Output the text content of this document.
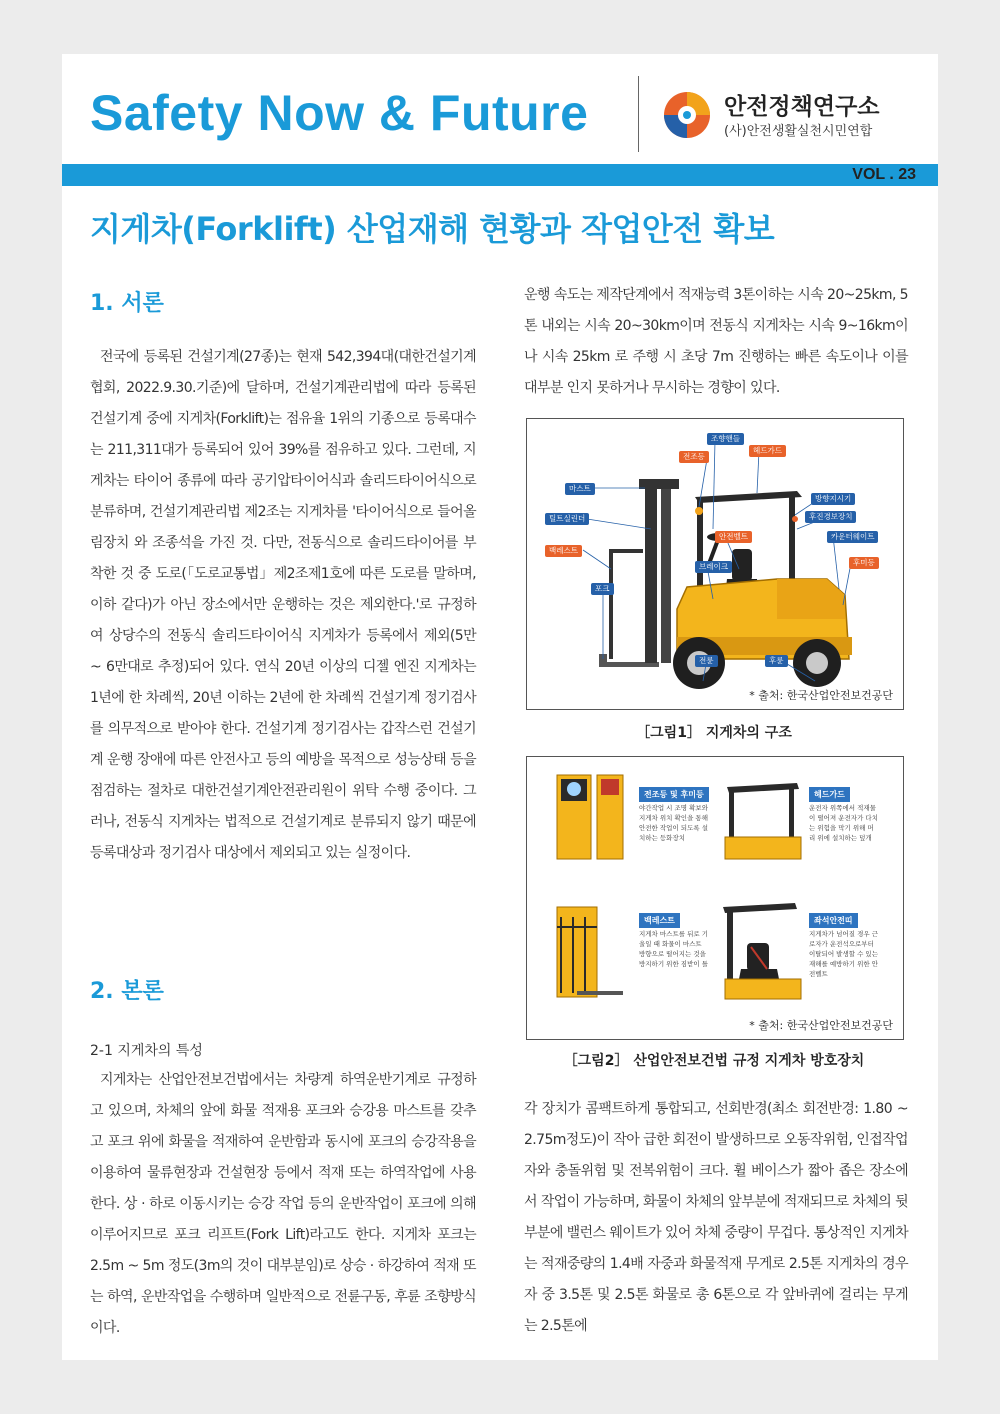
Safety Now & Future	안전정책연구소
(사)안전생활실천시민연합
VOL . 23
지게차(Forklift) 산업재해 현황과 작업안전 확보
1. 서론

전국에 등록된 건설기계(27종)는 현재 542,394대(대한건설기계협회, 2022.9.30.기준)에 달하며, 건설기계관리법에 따라 등록된 건설기계 중에 지게차(Forklift)는 점유율 1위의 기종으로 등록대수는 211,311대가 등록되어 있어 39%를 점유하고 있다. 그런데, 지게차는 타이어 종류에 따라 공기압타이어식과 솔리드타이어식으로 분류하며, 건설기계관리법 제2조는 지게차를 '타이어식으로 들어올림장치 와 조종석을 가진 것. 다만, 전동식으로 솔리드타이어를 부착한 것 중 도로(「도로교통법」제2조제1호에 따른 도로를 말하며, 이하 같다)가 아닌 장소에서만 운행하는 것은 제외한다.'로 규정하여 상당수의 전동식 솔리드타이어식 지게차가 등록에서 제외(5만 ~ 6만대로 추정)되어 있다. 연식 20년 이상의 디젤 엔진 지게차는 1년에 한 차례씩, 20년 이하는 2년에 한 차례씩 건설기계 정기검사를 의무적으로 받아야 한다. 건설기계 정기검사는 갑작스런 건설기계 운행 장애에 따른 안전사고 등의 예방을 목적으로 성능상태 등을 점검하는 절차로 대한건설기계안전관리원이 위탁 수행 중이다. 그러나, 전동식 지게차는 법적으로 건설기계로 분류되지 않기 때문에 등록대상과 정기검사 대상에서 제외되고 있는 실정이다.

2. 본론
2-1 지게차의 특성

지게차는 산업안전보건법에서는 차량계 하역운반기계로 규정하고 있으며, 차체의 앞에 화물 적재용 포크와 승강용 마스트를 갖추고 포크 위에 화물을 적재하여 운반함과 동시에 포크의 승강작용을 이용하여 물류현장과 건설현장 등에서 적재 또는 하역작업에 사용한다. 상 · 하로 이동시키는 승강 작업 등의 운반작업이 포크에 의해 이루어지므로 포크 리프트(Fork Lift)라고도 한다. 지게차 포크는 2.5m ~ 5m 정도(3m의 것이 대부분임)로 상승 · 하강하여 적재 또는 하역, 운반작업을 수행하며 일반적으로 전륜구동, 후륜 조향방식이다.

운행 속도는 제작단계에서 적재능력 3톤이하는 시속 20~25km, 5톤 내외는 시속 20~30km이며 전동식 지게차는 시속 9~16km이나 시속 25km 로 주행 시 초당 7m 진행하는 빠른 속도이나 이를 대부분 인지 못하거나 무시하는 경향이 있다.

조향핸들
전조등
헤드가드
마스트
방향지시기
틸트실린더	후진경보장치
안전벨트	카운터웨이트
백레스트
브레이크	후미등
포크
전륜	후륜
* 출처: 한국산업안전보건공단
［그림1］ 지게차의 구조
전조등 및 후미등
야간작업 시 조명 확보와 지게차 위치 확인을 통해 안전한 작업이 되도록 설치하는 등화장치
헤드가드
운전자 위쪽에서 적재물이 떨어져 운전자가 다치는 위험을 막기 위해 머리 위에 설치하는 덮개
백레스트
지게차 마스트를 뒤로 기울일 때 화물이 마스트 방향으로 떨어지는 것을 방지하기 위한 짐받이 틀
좌석안전띠
지게차가 넘어질 경우 근로자가 운전석으로부터 이탈되어 발생할 수 있는 재해를 예방하기 위한 안전벨트
* 출처: 한국산업안전보건공단
［그림2］ 산업안전보건법 규정 지게차 방호장치

각 장치가 콤팩트하게 통합되고, 선회반경(최소 회전반경: 1.80 ~ 2.75m정도)이 작아 급한 회전이 발생하므로 오동작위험, 인접작업자와 충돌위험 및 전복위험이 크다. 휠 베이스가 짧아 좁은 장소에서 작업이 가능하며, 화물이 차체의 앞부분에 적재되므로 차체의 뒷부분에 밸런스 웨이트가 있어 차체 중량이 무겁다. 통상적인 지게차는 적재중량의 1.4배 자중과 화물적재 무게로 2.5톤 지게차의 경우 자 중 3.5톤 및 2.5톤 화물로 총 6톤으로 각 앞바퀴에 걸리는 무게는 2.5톤에
